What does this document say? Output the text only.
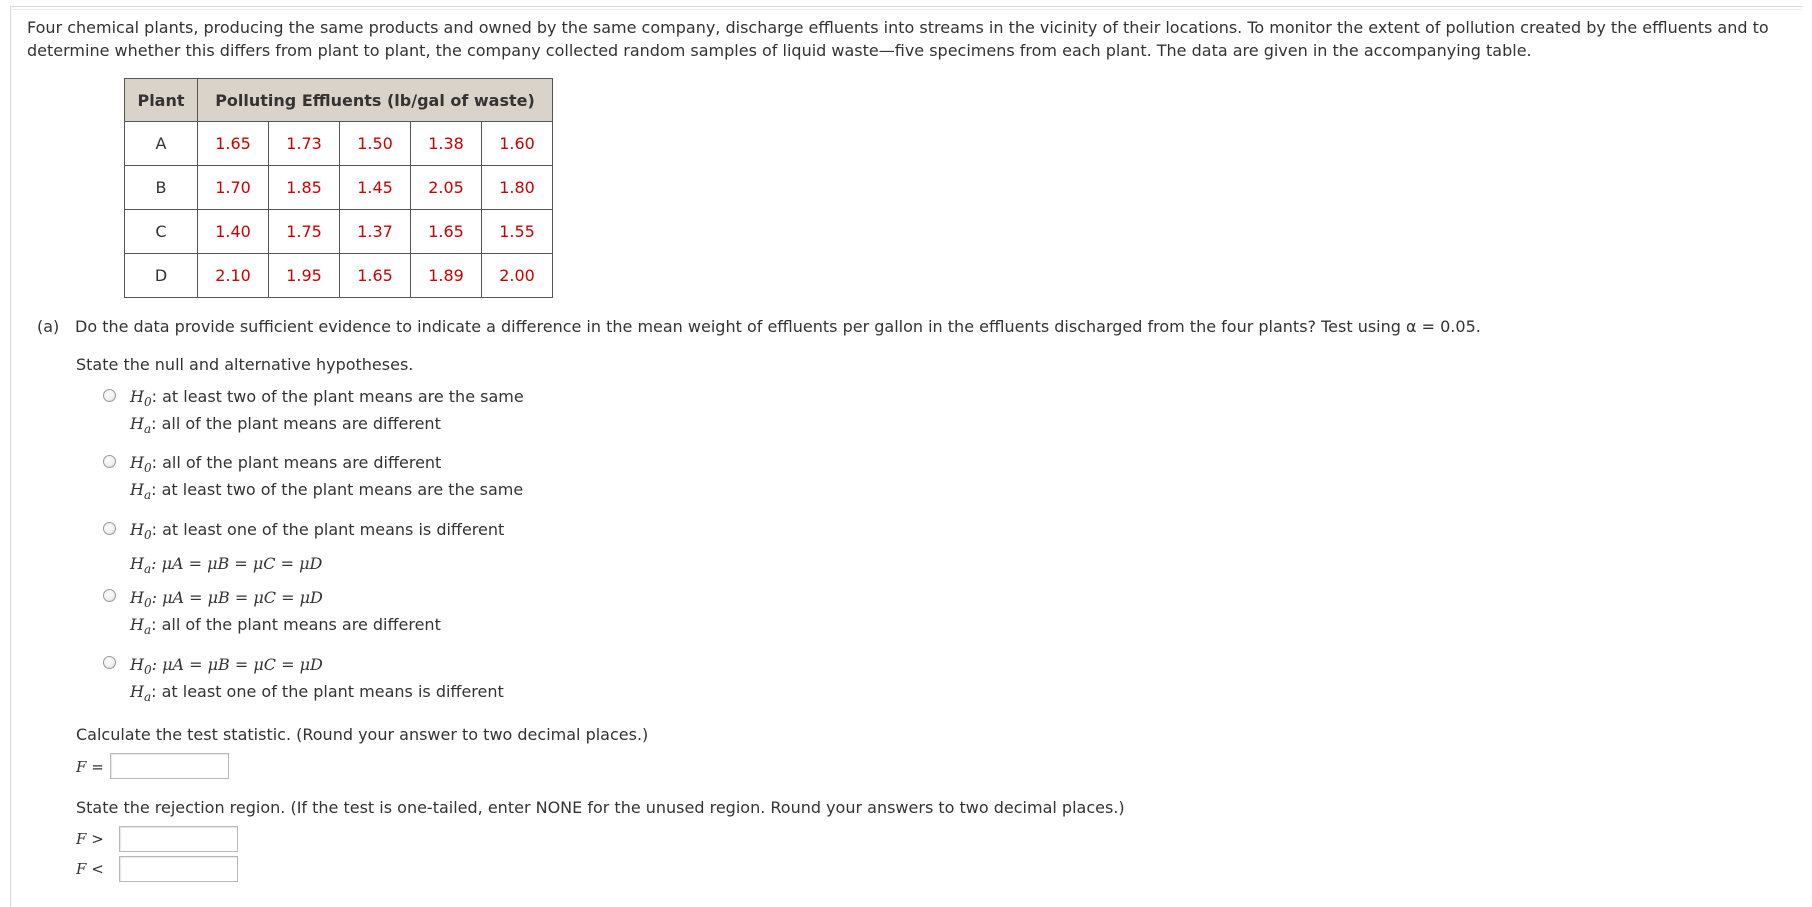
Four chemical plants, producing the same products and owned by the same company, discharge effluents into streams in the vicinity of their locations. To monitor the extent of pollution created by the effluents and to determine whether this differs from plant to plant, the company collected random samples of liquid waste—five specimens from each plant. The data are given in the accompanying table.

Plant	Polluting Effluents (lb/gal of waste)				
A	1.65	1.73	1.50	1.38	1.60
B	1.70	1.85	1.45	2.05	1.80
C	1.40	1.75	1.37	1.65	1.55
D	2.10	1.95	1.65	1.89	2.00
(a) Do the data provide sufficient evidence to indicate a difference in the mean weight of effluents per gallon in the effluents discharged from the four plants? Test using α = 0.05.
State the null and alternative hypotheses.
$H_0$: at least two of the plant means are the same
$H_a$: all of the plant means are different
$H_0$: all of the plant means are different
$H_a$: at least two of the plant means are the same
$H_0$: at least one of the plant means is different
$H_a$: μA = μB = μC = μD
$H_0$: μA = μB = μC = μD
$H_a$: all of the plant means are different
$H_0$: μA = μB = μC = μD
$H_a$: at least one of the plant means is different
Calculate the test statistic. (Round your answer to two decimal places.)
F =
State the rejection region. (If the test is one-tailed, enter NONE for the unused region. Round your answers to two decimal places.)
F >
F <
